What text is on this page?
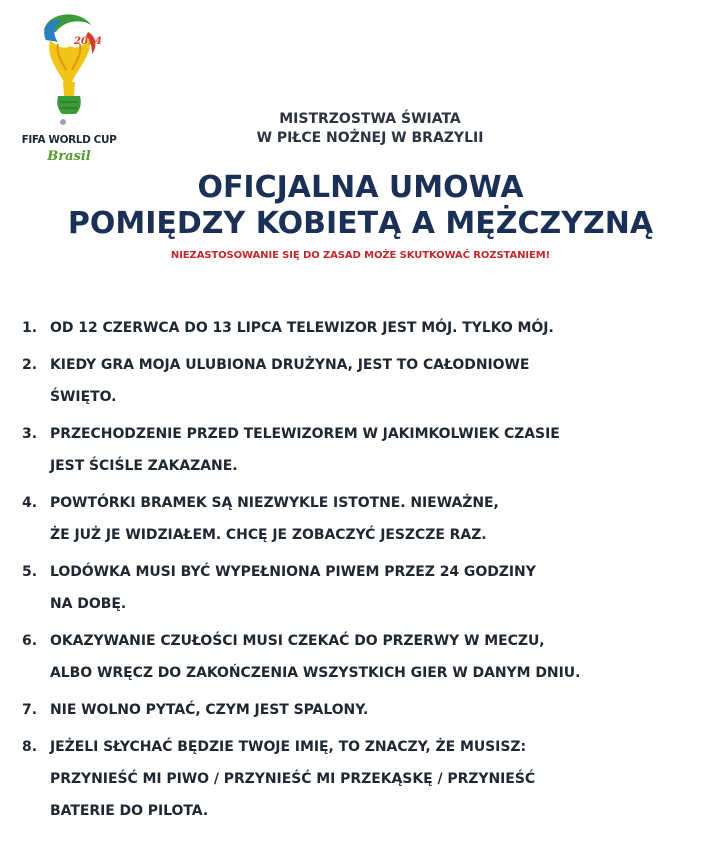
2014
FIFA WORLD CUP
Brasil
MISTRZOSTWA ŚWIATA
W PIŁCE NOŻNEJ W BRAZYLII
OFICJALNA UMOWA
POMIĘDZY KOBIETĄ A MĘŻCZYZNĄ
NIEZASTOSOWANIE SIĘ DO ZASAD MOŻE SKUTKOWAĆ ROZSTANIEM!
1. OD 12 CZERWCA DO 13 LIPCA TELEWIZOR JEST MÓJ. TYLKO MÓJ.
2. KIEDY GRA MOJA ULUBIONA DRUŻYNA, JEST TO CAŁODNIOWE
ŚWIĘTO.
3. PRZECHODZENIE PRZED TELEWIZOREM W JAKIMKOLWIEK CZASIE
JEST ŚCIŚLE ZAKAZANE.
4. POWTÓRKI BRAMEK SĄ NIEZWYKLE ISTOTNE. NIEWAŻNE,
ŻE JUŻ JE WIDZIAŁEM. CHCĘ JE ZOBACZYĆ JESZCZE RAZ.
5. LODÓWKA MUSI BYĆ WYPEŁNIONA PIWEM PRZEZ 24 GODZINY
NA DOBĘ.
6. OKAZYWANIE CZUŁOŚCI MUSI CZEKAĆ DO PRZERWY W MECZU,
ALBO WRĘCZ DO ZAKOŃCZENIA WSZYSTKICH GIER W DANYM DNIU.
7. NIE WOLNO PYTAĆ, CZYM JEST SPALONY.
8. JEŻELI SŁYCHAĆ BĘDZIE TWOJE IMIĘ, TO ZNACZY, ŻE MUSISZ:
PRZYNIEŚĆ MI PIWO / PRZYNIEŚĆ MI PRZEKĄSKĘ / PRZYNIEŚĆ
BATERIE DO PILOTA.
